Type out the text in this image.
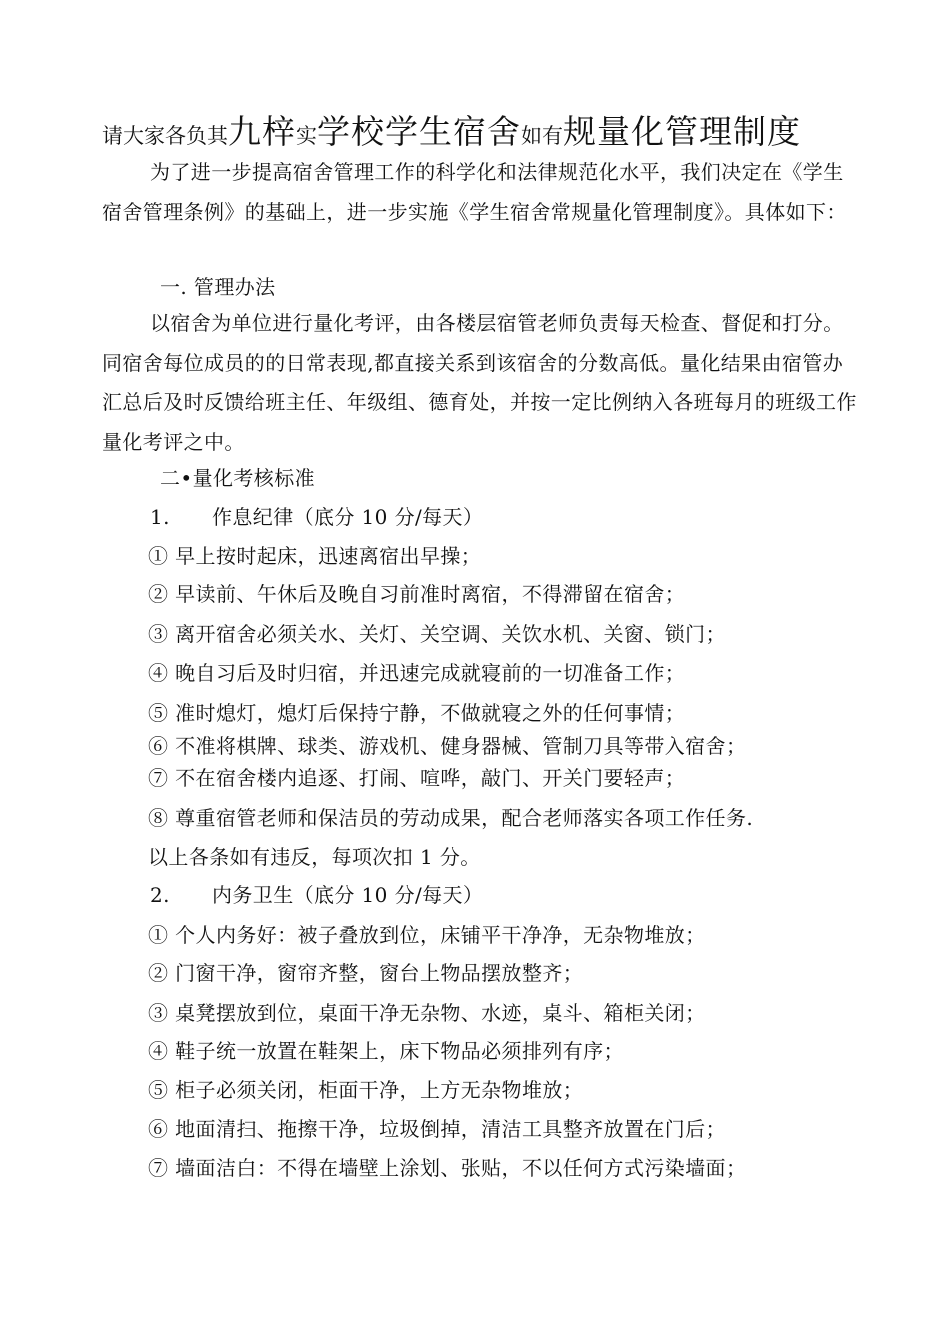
请大家各负其九梓实学校学生宿舍如有规量化管理制度

为了进一步提高宿舍管理工作的科学化和法律规范化水平，我们决定在《学生宿舍管理条例》的基础上，进一步实施《学生宿舍常规量化管理制度》。具体如下：

一. 管理办法

以宿舍为单位进行量化考评，由各楼层宿管老师负责每天检查、督促和打分。同宿舍每位成员的的日常表现,都直接关系到该宿舍的分数高低。量化结果由宿管办汇总后及时反馈给班主任、年级组、德育处，并按一定比例纳入各班每月的班级工作量化考评之中。

二•量化考核标准

1. 作息纪律（底分 10 分/每天）

① 早上按时起床，迅速离宿出早操；

② 早读前、午休后及晚自习前准时离宿，不得滞留在宿舍；

③ 离开宿舍必须关水、关灯、关空调、关饮水机、关窗、锁门；

④ 晚自习后及时归宿，并迅速完成就寝前的一切准备工作；

⑤ 准时熄灯，熄灯后保持宁静，不做就寝之外的任何事情；

⑥ 不准将棋牌、球类、游戏机、健身器械、管制刀具等带入宿舍；

⑦ 不在宿舍楼内追逐、打闹、喧哗，敲门、开关门要轻声；

⑧ 尊重宿管老师和保洁员的劳动成果，配合老师落实各项工作任务.

以上各条如有违反，每项次扣 1 分。

2. 内务卫生（底分 10 分/每天）

① 个人内务好：被子叠放到位，床铺平干净净，无杂物堆放；

② 门窗干净，窗帘齐整，窗台上物品摆放整齐；

③ 桌凳摆放到位，桌面干净无杂物、水迹，桌斗、箱柜关闭；

④ 鞋子统一放置在鞋架上，床下物品必须排列有序；

⑤ 柜子必须关闭，柜面干净，上方无杂物堆放；

⑥ 地面清扫、拖擦干净，垃圾倒掉，清洁工具整齐放置在门后；

⑦ 墙面洁白：不得在墙壁上涂划、张贴，不以任何方式污染墙面；
